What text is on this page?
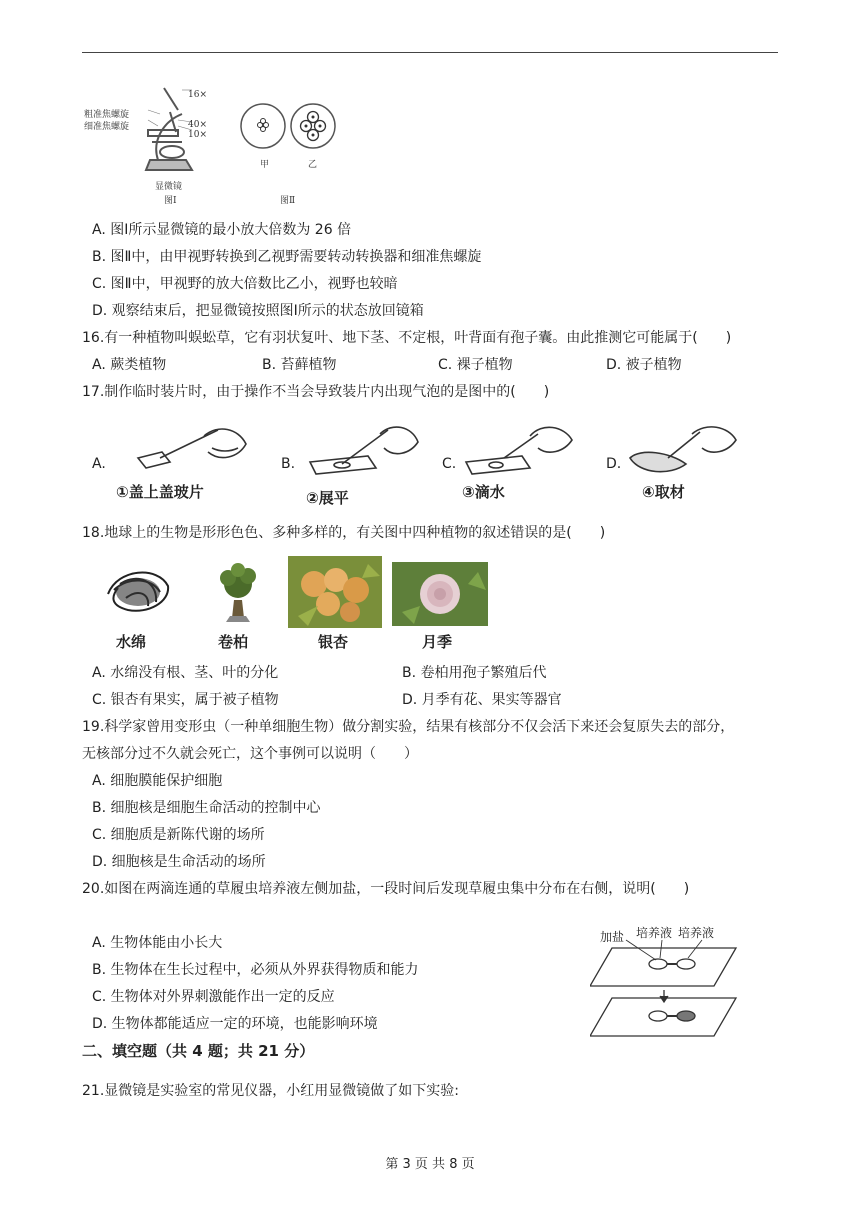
16×
粗准焦螺旋
细准焦螺旋	40×
10×
显微镜
图Ⅰ
甲	乙
图Ⅱ
A. 图Ⅰ所示显微镜的最小放大倍数为 26 倍
B. 图Ⅱ中，由甲视野转换到乙视野需要转动转换器和细准焦螺旋
C. 图Ⅱ中，甲视野的放大倍数比乙小，视野也较暗
D. 观察结束后，把显微镜按照图Ⅰ所示的状态放回镜箱
16.有一种植物叫蜈蚣草，它有羽状复叶、地下茎、不定根，叶背面有孢子囊。由此推测它可能属于(　　)
A. 蕨类植物	B. 苔藓植物	C. 裸子植物	D. 被子植物
17.制作临时装片时，由于操作不当会导致装片内出现气泡的是图中的(　　)
A.
①盖上盖玻片
B.
②展平
C.
③滴水
D.
④取材
18.地球上的生物是形形色色、多种多样的，有关图中四种植物的叙述错误的是(　　)
水绵	卷柏	银杏	月季
A. 水绵没有根、茎、叶的分化	B. 卷柏用孢子繁殖后代
C. 银杏有果实，属于被子植物	D. 月季有花、果实等器官
19.科学家曾用变形虫（一种单细胞生物）做分割实验，结果有核部分不仅会活下来还会复原失去的部分，
无核部分过不久就会死亡，这个事例可以说明（　　）
A. 细胞膜能保护细胞
B. 细胞核是细胞生命活动的控制中心
C. 细胞质是新陈代谢的场所
D. 细胞核是生命活动的场所
20.如图在两滴连通的草履虫培养液左侧加盐，一段时间后发现草履虫集中分布在右侧，说明(　　)
加盐 培养液 培养液
A. 生物体能由小长大
B. 生物体在生长过程中，必须从外界获得物质和能力
C. 生物体对外界刺激能作出一定的反应
D. 生物体都能适应一定的环境，也能影响环境
二、填空题（共 4 题；共 21 分）
21.显微镜是实验室的常见仪器，小红用显微镜做了如下实验:
第 3 页 共 8 页
